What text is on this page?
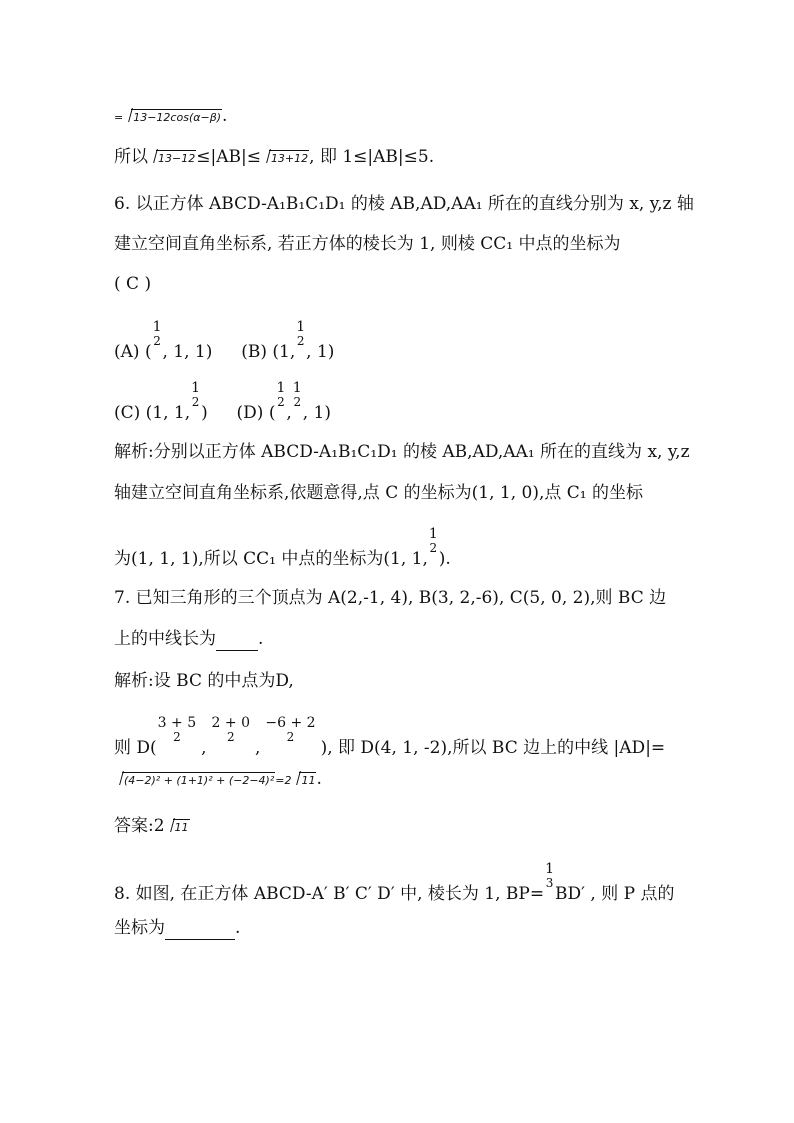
= 13−12cos(α−β).
所以 13−12≤|AB|≤ 13+12, 即 1≤|AB|≤5.
6. 以正方体 ABCD-A₁B₁C₁D₁ 的棱 AB,AD,AA₁ 所在的直线分别为 x, y,z 轴
建立空间直角坐标系, 若正方体的棱长为 1, 则棱 CC₁ 中点的坐标为
( C )
(A) (
1
2
, 1, 1) (B) (1,
1
2
, 1)
(C) (1, 1,
1
2
) (D) (
1
2
,
1
2
, 1)
解析:分别以正方体 ABCD-A₁B₁C₁D₁ 的棱 AB,AD,AA₁ 所在的直线为 x, y,z
轴建立空间直角坐标系,依题意得,点 C 的坐标为(1, 1, 0),点 C₁ 的坐标
为(1, 1, 1),所以 CC₁ 中点的坐标为(1, 1,
1
2
).
7. 已知三角形的三个顶点为 A(2,-1, 4), B(3, 2,-6), C(5, 0, 2),则 BC 边
上的中线长为 .
解析:设 BC 的中点为D,
则 D(
3 + 5
2
,
2 + 0
2
,
−6 + 2
2
), 即 D(4, 1, -2),所以 BC 边上的中线 |AD|=
(4−2)² + (1+1)² + (−2−4)²=2 11.
答案:2 11
8. 如图, 在正方体 ABCD-A′ B′ C′ D′ 中, 棱长为 1, BP=
1
3
BD′ , 则 P 点的
坐标为	.
